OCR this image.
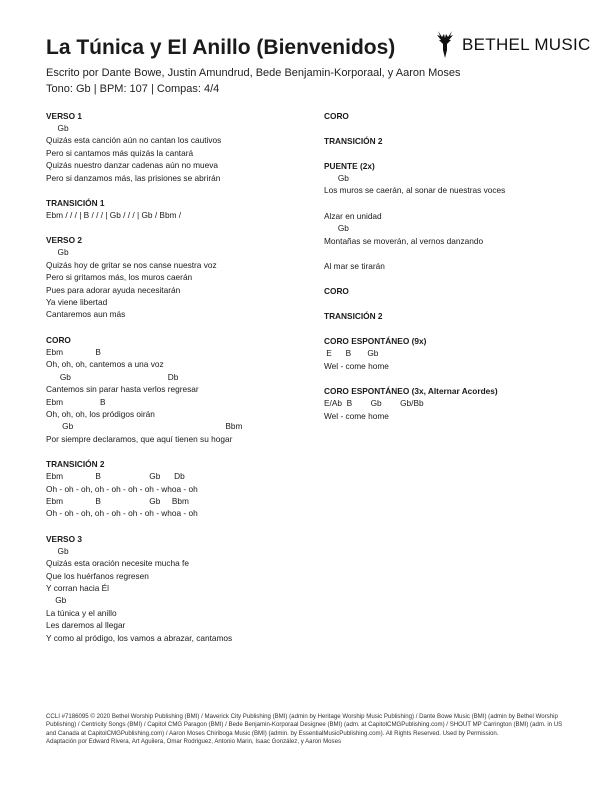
La Túnica y El Anillo (Bienvenidos)	BETHEL MUSIC
Escrito por Dante Bowe, Justin Amundrud, Bede Benjamin-Korporaal, y Aaron Moses
Tono: Gb | BPM: 107 | Compas: 4/4
VERSO 1
Gb
Quizás esta canción aún no cantan los cautivos
Pero si cantamos más quizás la cantará
Quizás nuestro danzar cadenas aún no mueva
Pero si danzamos más, las prisiones se abrirán
TRANSICIÓN 1
Ebm / / / | B / / / | Gb / / / | Gb / Bbm /
VERSO 2
Gb
Quizás hoy de gritar se nos canse nuestra voz
Pero si gritamos más, los muros caerán
Pues para adorar ayuda necesitarán
Ya viene libertad
Cantaremos aun más
CORO
Ebm              B
Oh, oh, oh, cantemos a una voz
Gb                                          Db
Cantemos sin parar hasta verlos regresar
Ebm                B
Oh, oh, oh, los pródigos oirán
Gb                                                                  Bbm
Por siempre declaramos, que aquí tienen su hogar
TRANSICIÓN 2
Ebm              B                     Gb      Db
Oh - oh - oh, oh - oh - oh - oh - whoa - oh
Ebm              B                     Gb     Bbm
Oh - oh - oh, oh - oh - oh - oh - whoa - oh
VERSO 3
Gb
Quizás esta oración necesite mucha fe
Que los huérfanos regresen
Y corran hacia Él
Gb
La túnica y el anillo
Les daremos al llegar
Y como al pródigo, los vamos a abrazar, cantamos
CORO
TRANSICIÓN 2
PUENTE (2x)
Gb
Los muros se caerán, al sonar de nuestras voces
Alzar en unidad
Gb
Montañas se moverán, al vernos danzando
Al mar se tirarán
CORO
TRANSICIÓN 2
CORO ESPONTÁNEO (9x)
E      B       Gb
Wel - come home
CORO ESPONTÁNEO (3x, Alternar Acordes)
E/Ab  B        Gb        Gb/Bb
Wel - come home
CCLI #7186095 © 2020 Bethel Worship Publishing (BMI) / Maverick City Publishing (BMI) (admin by Heritage Worship Music Publishing) / Dante Bowe Music (BMI) (admin by Bethel Worship Publishing) / Centricity Songs (BMI) / Capitol CMG Paragon (BMI) / Bede Benjamin-Korporaal Designee (BMI) (adm. at CapitolCMGPublishing.com) / SHOUT MP Carrington (BMI) (adm. in US and Canada at CapitolCMGPublishing.com) / Aaron Moses Chiriboga Music (BMI) (admin. by EssentialMusicPublishing.com). All Rights Reserved. Used by Permission.
Adaptación por Edward Rivera, Art Aguilera, Omar Rodriguez, Antonio Marin, Isaac González, y Aaron Moses
